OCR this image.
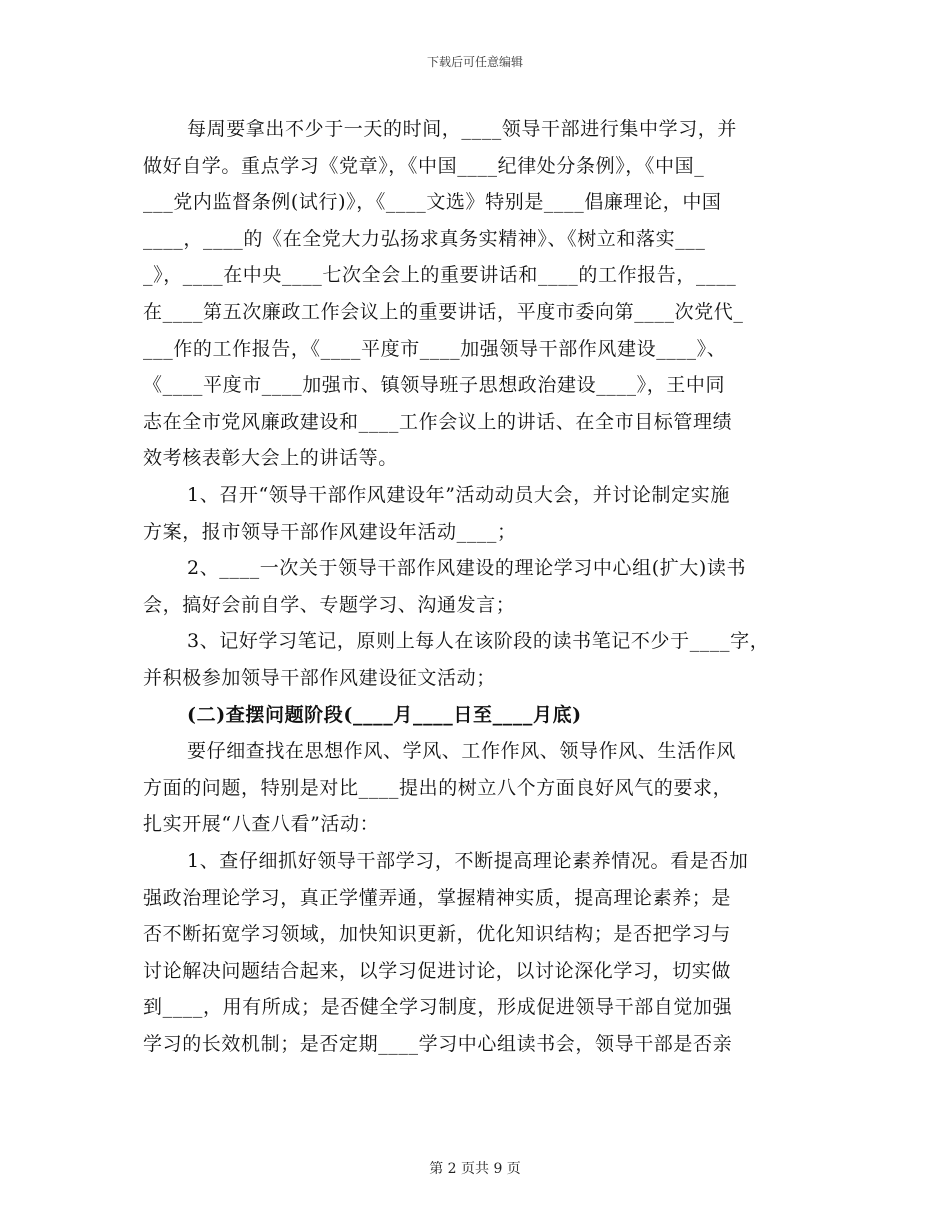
下载后可任意编辑
每周要拿出不少于一天的时间，____领导干部进行集中学习，并
做好自学。重点学习《党章》，《中国____纪律处分条例》，《中国_
___党内监督条例(试行)》，《____文选》特别是____倡廉理论，中国
____，____的《在全党大力弘扬求真务实精神》、《树立和落实___
_》，____在中央____七次全会上的重要讲话和____的工作报告，____
在____第五次廉政工作会议上的重要讲话，平度市委向第____次党代_
___作的工作报告，《____平度市____加强领导干部作风建设____》、
《____平度市____加强市、镇领导班子思想政治建设____》，王中同
志在全市党风廉政建设和____工作会议上的讲话、在全市目标管理绩
效考核表彰大会上的讲话等。
1、召开“领导干部作风建设年”活动动员大会，并讨论制定实施
方案，报市领导干部作风建设年活动____；
2、____一次关于领导干部作风建设的理论学习中心组(扩大)读书
会，搞好会前自学、专题学习、沟通发言；
3、记好学习笔记，原则上每人在该阶段的读书笔记不少于____字，
并积极参加领导干部作风建设征文活动；
(二)查摆问题阶段(____月____日至____月底)
要仔细查找在思想作风、学风、工作作风、领导作风、生活作风
方面的问题，特别是对比____提出的树立八个方面良好风气的要求，
扎实开展“八查八看”活动：
1、查仔细抓好领导干部学习，不断提高理论素养情况。看是否加
强政治理论学习，真正学懂弄通，掌握精神实质，提高理论素养；是
否不断拓宽学习领域，加快知识更新，优化知识结构；是否把学习与
讨论解决问题结合起来，以学习促进讨论，以讨论深化学习，切实做
到____，用有所成；是否健全学习制度，形成促进领导干部自觉加强
学习的长效机制；是否定期____学习中心组读书会，领导干部是否亲
第 2 页共 9 页
